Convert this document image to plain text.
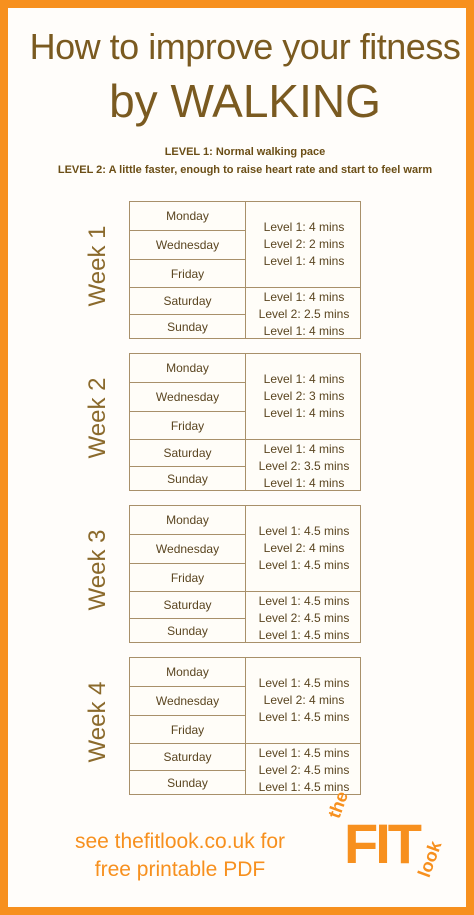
How to improve your fitness
by WALKING
LEVEL 1: Normal walking pace
LEVEL 2: A little faster, enough to raise heart rate and start to feel warm
Week 1
Monday
Wednesday
Friday
Saturday
Sunday
Level 1: 4 mins
Level 2: 2 mins
Level 1: 4 mins
Level 1: 4 mins
Level 2: 2.5 mins
Level 1: 4 mins
Week 2
Monday
Wednesday
Friday
Saturday
Sunday
Level 1: 4 mins
Level 2: 3 mins
Level 1: 4 mins
Level 1: 4 mins
Level 2: 3.5 mins
Level 1: 4 mins
Week 3
Monday
Wednesday
Friday
Saturday
Sunday
Level 1: 4.5 mins
Level 2: 4 mins
Level 1: 4.5 mins
Level 1: 4.5 mins
Level 2: 4.5 mins
Level 1: 4.5 mins
Week 4
Monday
Wednesday
Friday
Saturday
Sunday
Level 1: 4.5 mins
Level 2: 4 mins
Level 1: 4.5 mins
Level 1: 4.5 mins
Level 2: 4.5 mins
Level 1: 4.5 mins
see thefitlook.co.uk for
free printable PDF
the
FIT
look
